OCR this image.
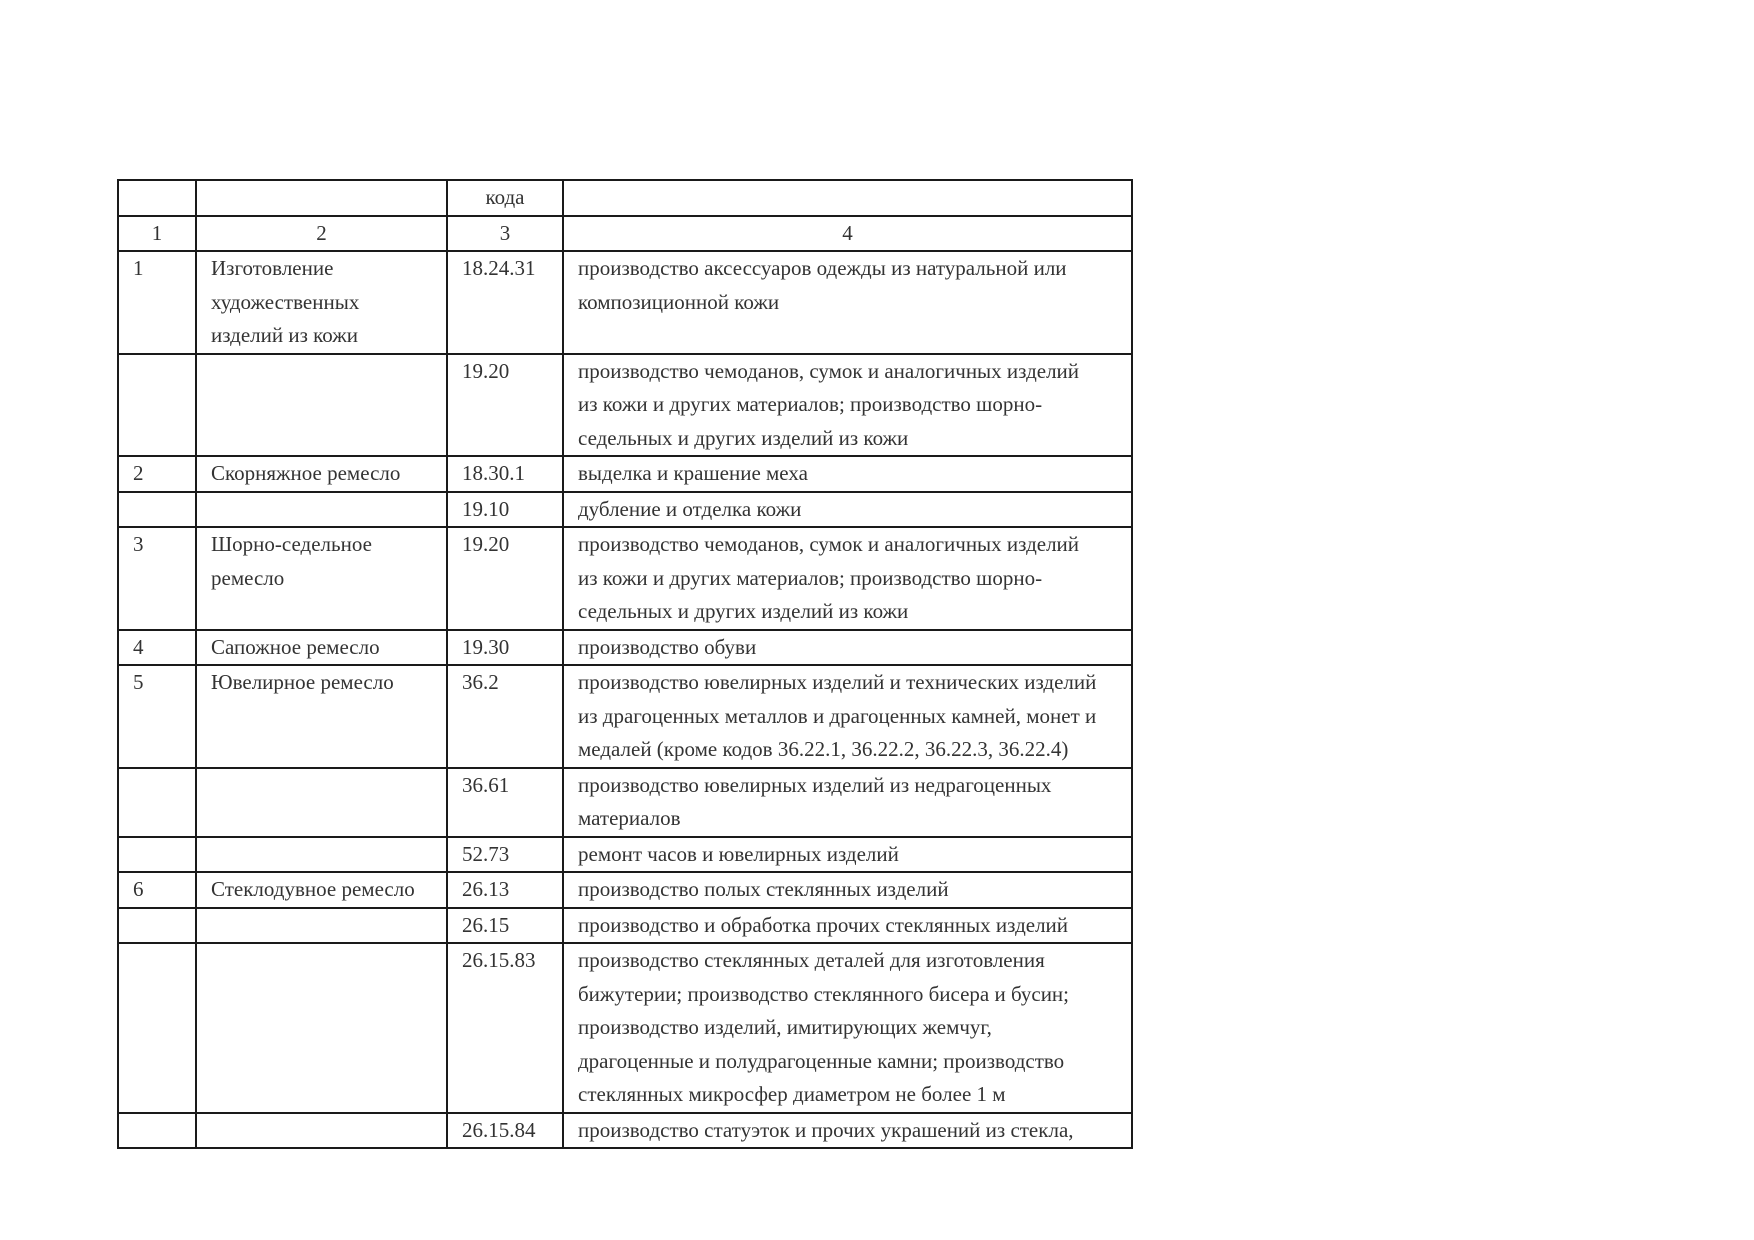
		кода	
1	2	3	4
1	Изготовление
художественных
изделий из кожи	18.24.31	производство аксессуаров одежды из натуральной или
композиционной кожи

		19.20	производство чемоданов, сумок и аналогичных изделий
из кожи и других материалов; производство шорно-
седельных и других изделий из кожи

2	Скорняжное ремесло	18.30.1	выделка и крашение меха

		19.10	дубление и отделка кожи

3	Шорно-седельное
ремесло	19.20	производство чемоданов, сумок и аналогичных изделий
из кожи и других материалов; производство шорно-
седельных и других изделий из кожи

4	Сапожное ремесло	19.30	производство обуви

5	Ювелирное ремесло	36.2	производство ювелирных изделий и технических изделий
из драгоценных металлов и драгоценных камней, монет и
медалей (кроме кодов 36.22.1, 36.22.2, 36.22.3, 36.22.4)

		36.61	производство ювелирных изделий из недрагоценных
материалов

		52.73	ремонт часов и ювелирных изделий

6	Стеклодувное ремесло	26.13	производство полых стеклянных изделий

		26.15	производство и обработка прочих стеклянных изделий

		26.15.83	производство стеклянных деталей для изготовления
бижутерии; производство стеклянного бисера и бусин;
производство изделий, имитирующих жемчуг,
драгоценные и полудрагоценные камни; производство
стеклянных микросфер диаметром не более 1 м

		26.15.84	производство статуэток и прочих украшений из стекла,
